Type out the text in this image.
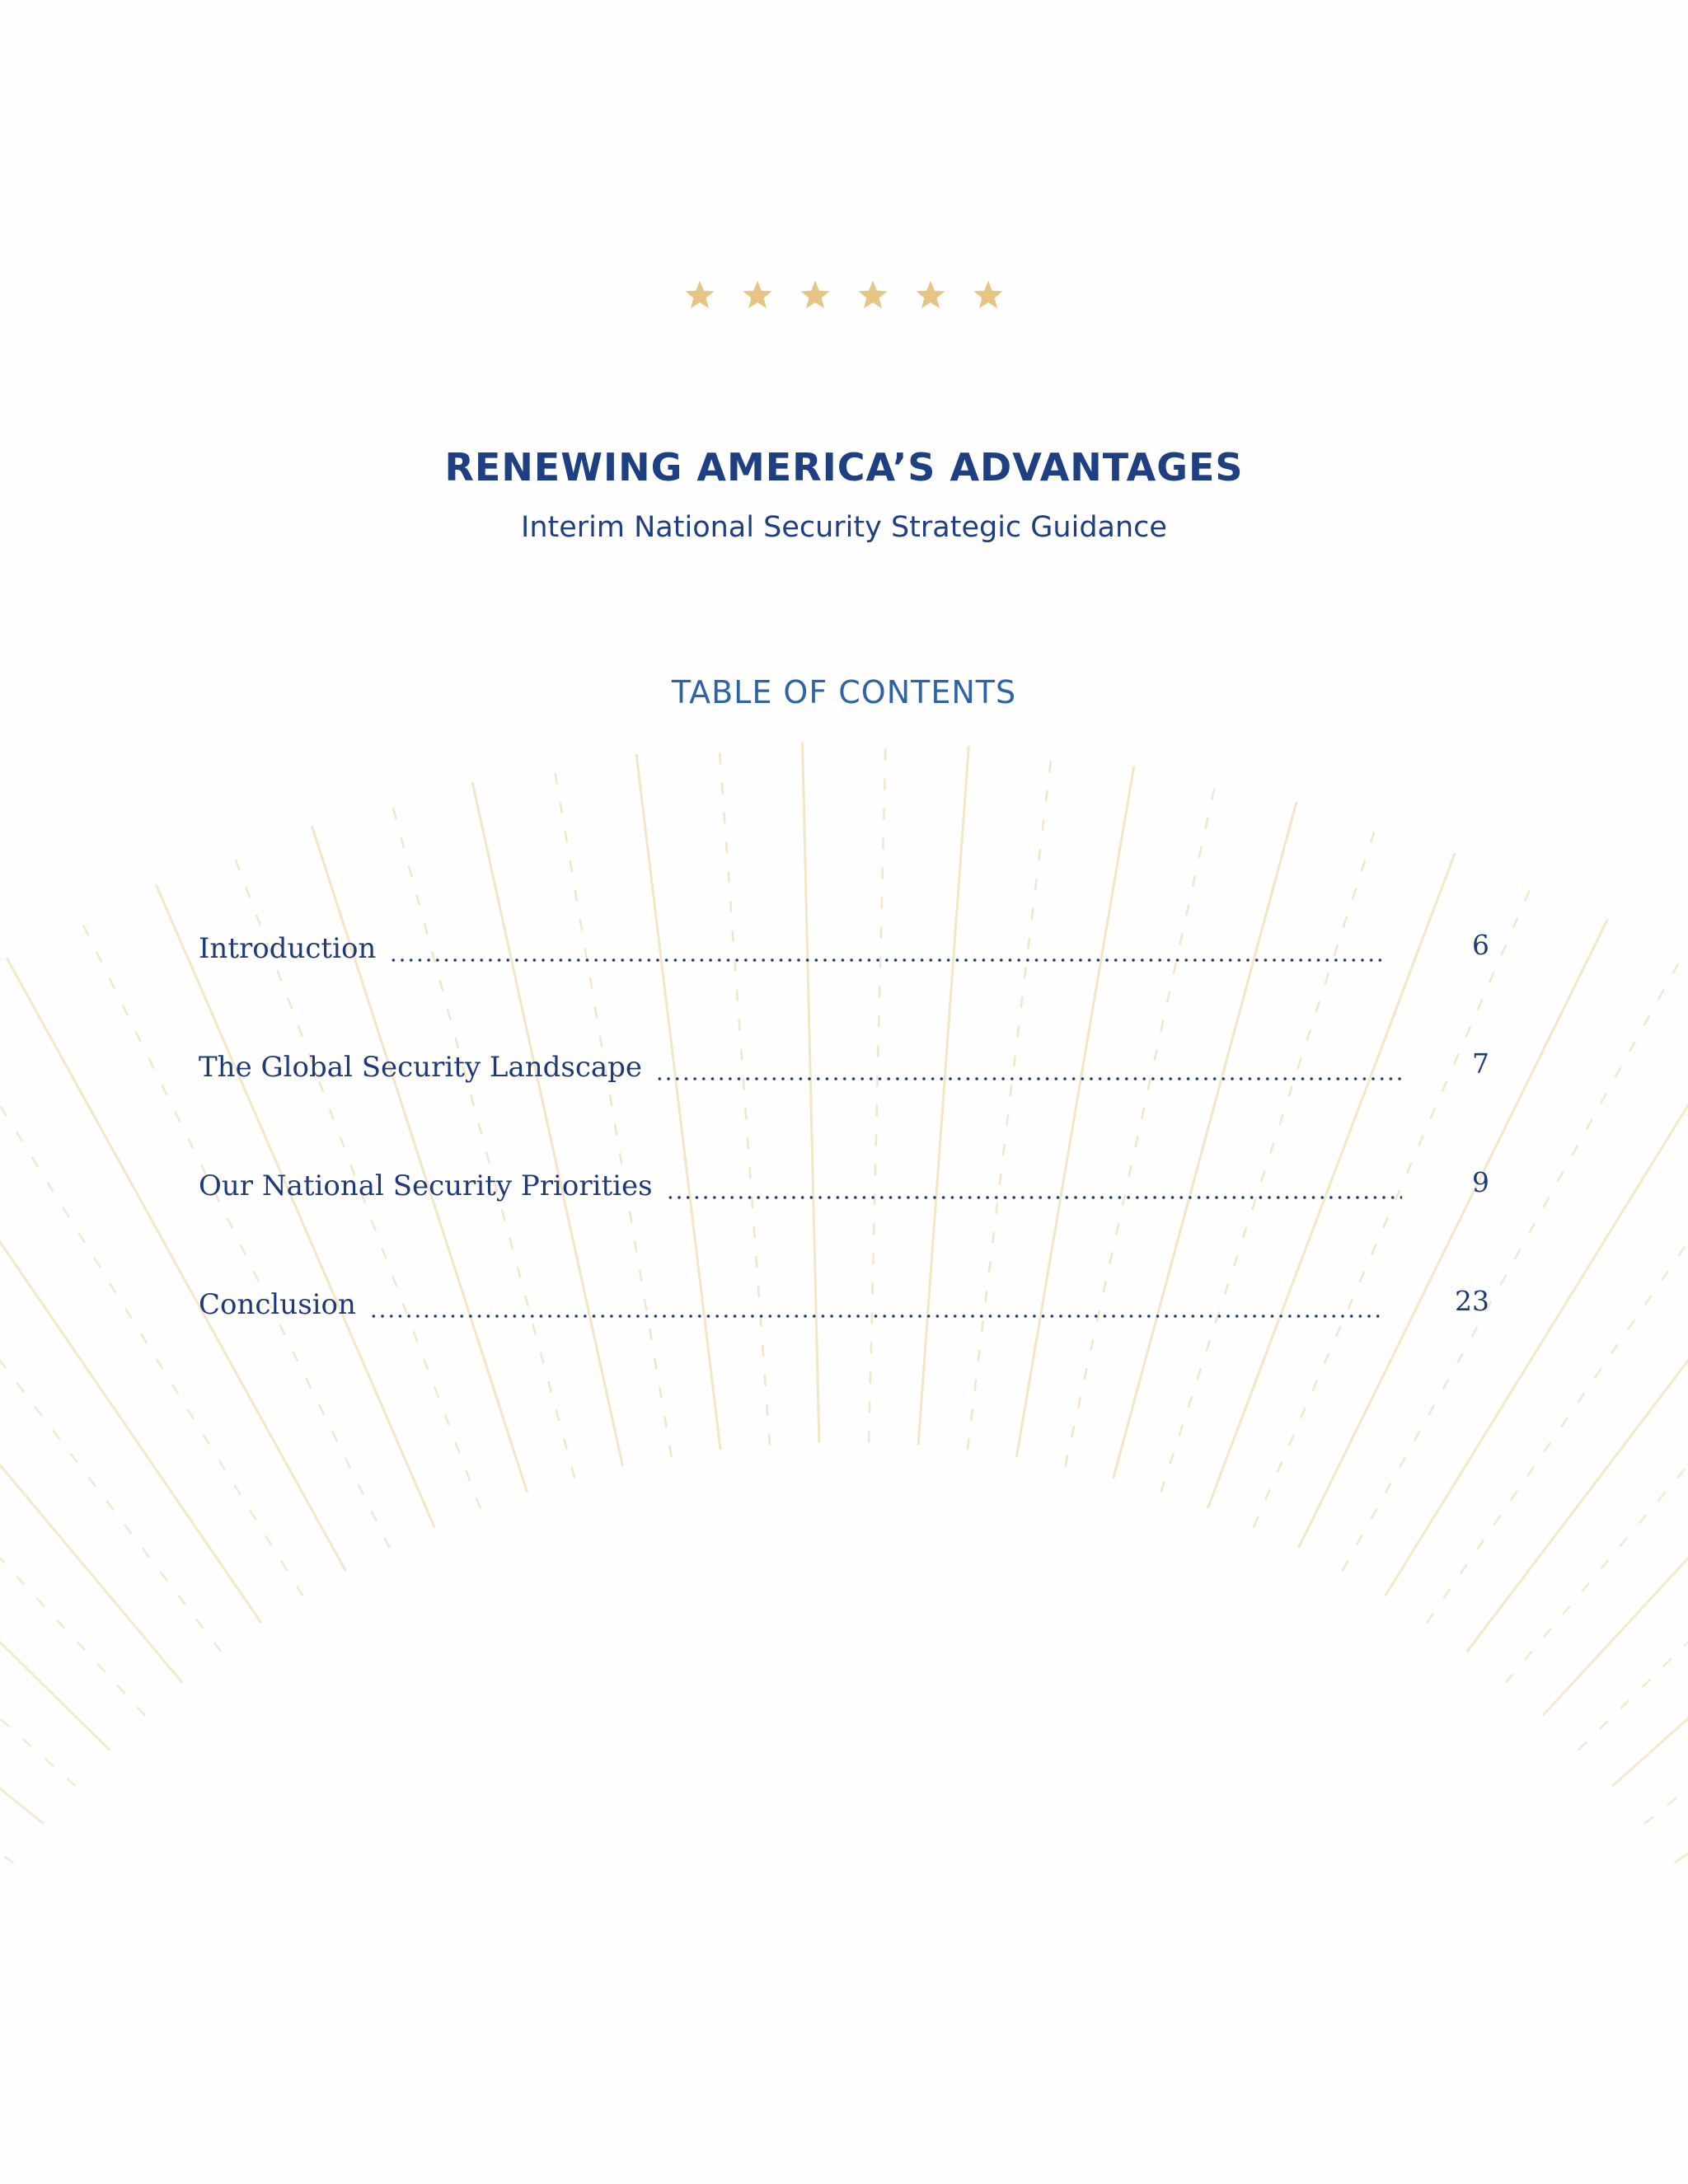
RENEWING AMERICA’S ADVANTAGES
Interim National Security Strategic Guidance
TABLE OF CONTENTS
Introduction	6
The Global Security Landscape	7
Our National Security Priorities	9
Conclusion	23
